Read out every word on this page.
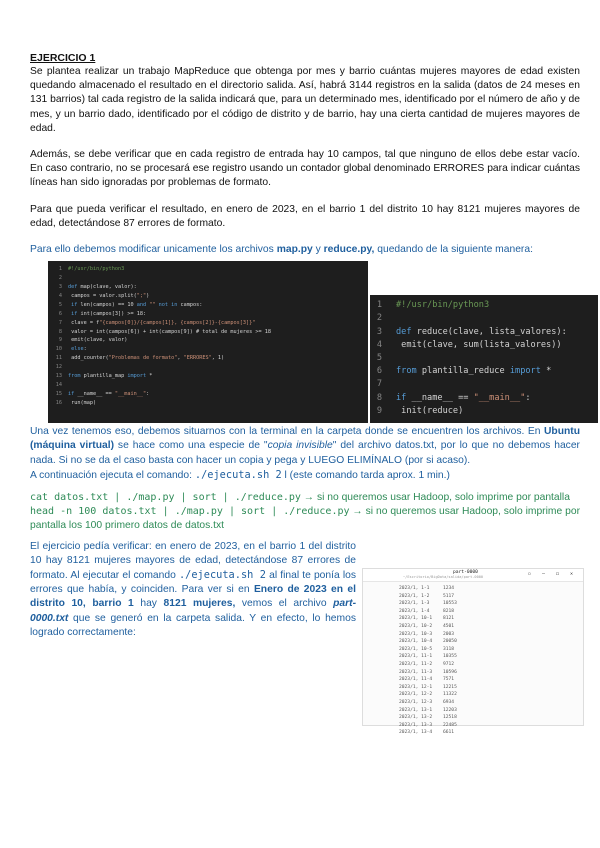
EJERCICIO 1

Se plantea realizar un trabajo MapReduce que obtenga por mes y barrio cuántas mujeres mayores de edad existen quedando almacenado el resultado en el directorio salida. Así, habrá 3144 registros en la salida (datos de 24 meses en 131 barrios) tal cada registro de la salida indicará que, para un determinado mes, identificado por el número de año y de mes, y un barrio dado, identificado por el código de distrito y de barrio, hay una cierta cantidad de mujeres mayores de edad.

Además, se debe verificar que en cada registro de entrada hay 10 campos, tal que ninguno de ellos debe estar vacío. En caso contrario, no se procesará ese registro usando un contador global denominado ERRORES para indicar cuántas líneas han sido ignoradas por problemas de formato.

Para que pueda verificar el resultado, en enero de 2023, en el barrio 1 del distrito 10 hay 8121 mujeres mayores de edad, detectándose 87 errores de formato.

Para ello debemos modificar unicamente los archivos map.py y reduce.py, quedando de la siguiente manera:

1 #!/usr/bin/python3
2
3 def map(clave, valor):
4 campos = valor.split(";")
5 if len(campos) == 10 and "" not in campos:
6 if int(campos[3]) >= 18:
7 clave = f"{campos[0]}/{campos[1]}, {campos[2]}-{campos[3]}"
8 valor = int(campos[6]) + int(campos[9]) # total de mujeres >= 18
9 emit(clave, valor)
10 else:
11 add_counter("Problemas de formato", "ERRORES", 1)
12
13 from plantilla_map import *
14
15 if __name__ == "__main__":
16 run(map)
1 #!/usr/bin/python3
2
3 def reduce(clave, lista_valores):
4 emit(clave, sum(lista_valores))
5
6 from plantilla_reduce import *
7
8 if __name__ == "__main__":
9 init(reduce)

Una vez tenemos eso, debemos situarnos con la terminal en la carpeta donde se encuentren los archivos. En Ubuntu (máquina virtual) se hace como una especie de "copia invisible" del archivo datos.txt, por lo que no debemos hacer nada. Si no se da el caso basta con hacer un copia y pega y LUEGO ELIMÍNALO (por si acaso).

A continuación ejecuta el comando: ./ejecuta.sh 2 l (este comando tarda aprox. 1 min.)

cat datos.txt | ./map.py | sort | ./reduce.py → si no queremos usar Hadoop, solo imprime por pantalla

head -n 100 datos.txt | ./map.py | sort | ./reduce.py → si no queremos usar Hadoop, solo imprime por pantalla los 100 primero datos de datos.txt

El ejercicio pedía verificar: en enero de 2023, en el barrio 1 del distrito 10 hay 8121 mujeres mayores de edad, detectándose 87 errores de formato. Al ejecutar el comando ./ejecuta.sh 2 al final te ponía los errores que había, y coinciden. Para ver si en Enero de 2023 en el distrito 10, barrio 1 hay 8121 mujeres, vemos el archivo part-0000.txt que se generó en la carpeta salida. Y en efecto, lo hemos logrado correctamente:
part-0000
~/Escritorio/BigData/salida/part-0000	▫ — ◻ ✕
2023/1, 1-1	1234
2023/1, 1-2	5117
2023/1, 1-3	10553
2023/1, 1-4	8218
2023/1, 10-1 8121
2023/1, 10-2 4501
2023/1, 10-3 2003
2023/1, 10-4 20050
2023/1, 10-5 3118
2023/1, 11-1 10355
2023/1, 11-2 9712
2023/1, 11-3 10596
2023/1, 11-4 7571
2023/1, 12-1 12215
2023/1, 12-2 11322
2023/1, 12-3 6934
2023/1, 13-1 12203
2023/1, 13-2 12518
2023/1, 13-3 22485
2023/1, 13-4 6611
